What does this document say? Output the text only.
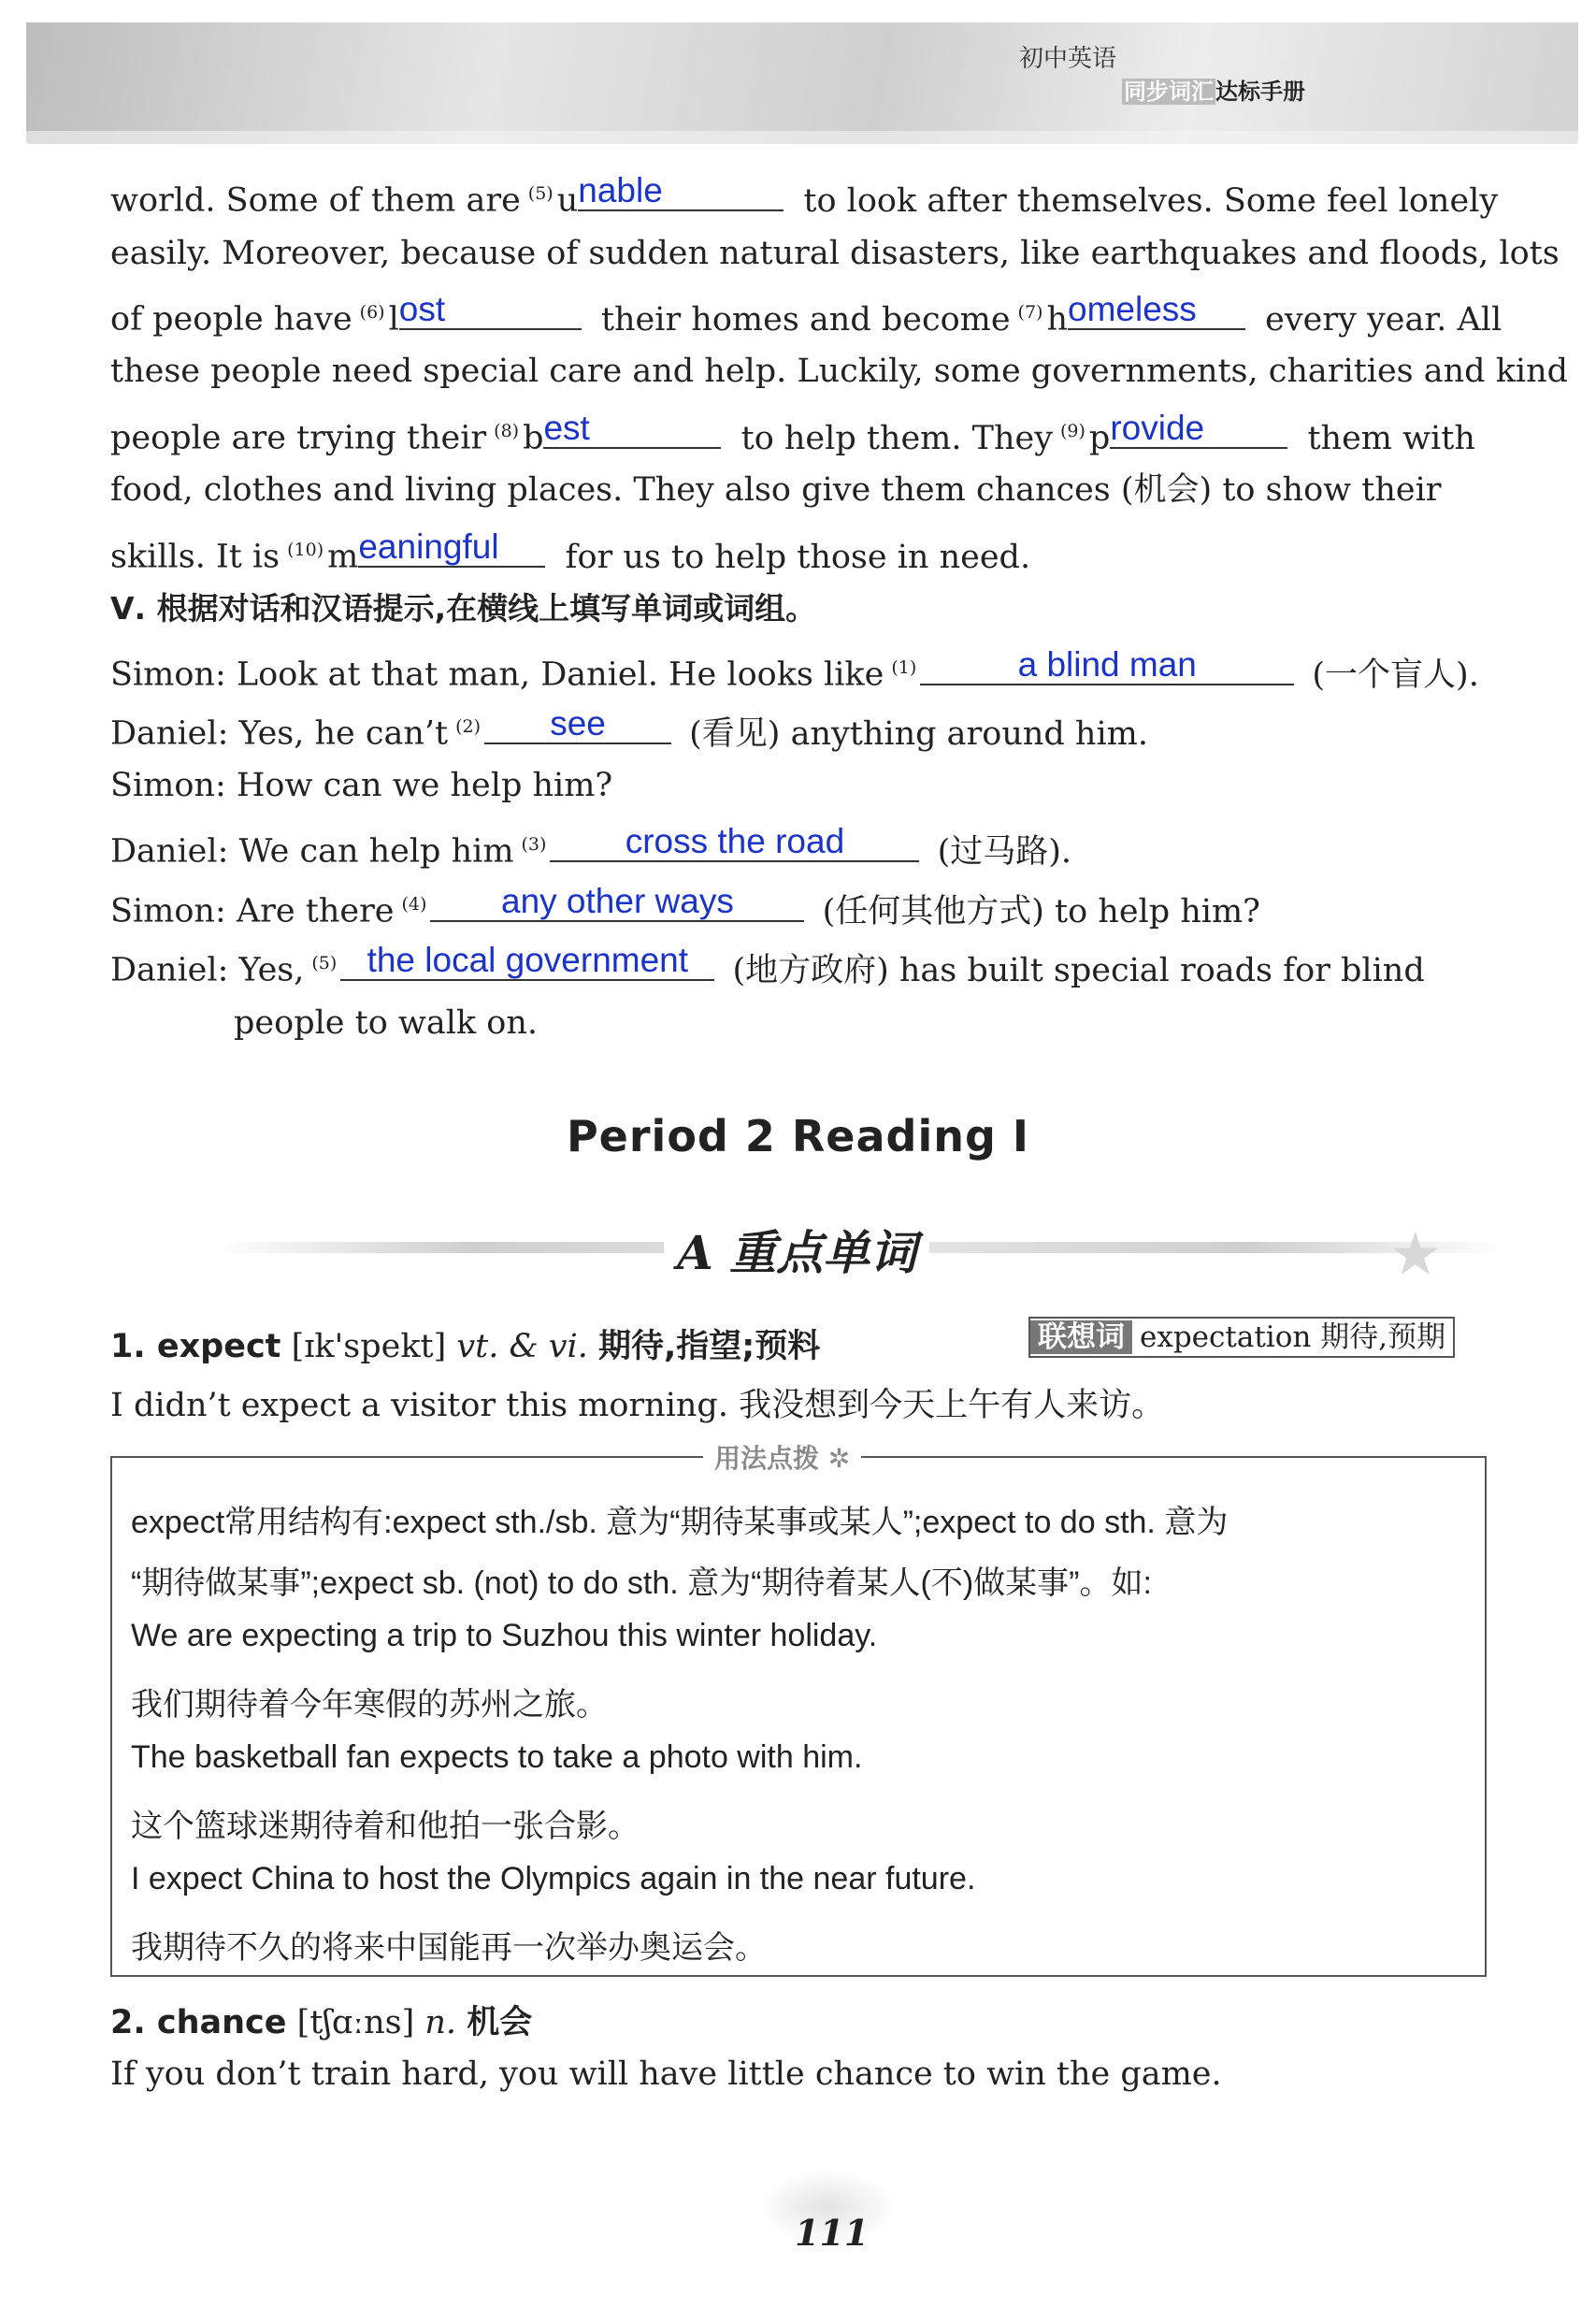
初中英语
同步词汇达标手册
world. Some of them are $^{(5)}$ u nable	to look after themselves. Some feel lonely
easily. Moreover, because of sudden natural disasters, like earthquakes and floods, lots
of people have $^{(6)}$ l ost	their homes and become $^{(7)}$ h omeless	every year. All
these people need special care and help. Luckily, some governments, charities and kind
people are trying their $^{(8)}$ b est	to help them. They $^{(9)}$ p rovide	them with
food, clothes and living places. They also give them chances (机会) to show their
skills. It is $^{(10)}$ m eaningful	for us to help those in need.
Ⅴ. 根据对话和汉语提示,在横线上填写单词或词组。
Simon: Look at that man, Daniel. He looks like $^{(1)}$	a blind man	(一个盲人).
Daniel: Yes, he can’t $^{(2)}$	see	(看见) anything around him.
Simon: How can we help him?
Daniel: We can help him $^{(3)}$	cross the road	(过马路).
Simon: Are there $^{(4)}$	any other ways	(任何其他方式) to help him?
Daniel: Yes, $^{(5)}$ the local government	(地方政府) has built special roads for blind
people to walk on.
Period 2 Reading I
A 重点单词	★
1. expect [ɪk'spekt] vt. & vi. 期待,指望;预料	联想词 expectation 期待,预期
I didn’t expect a visitor this morning. 我没想到今天上午有人来访。
用法点拨 ✲
expect常用结构有:expect sth./sb. 意为“期待某事或某人”;expect to do sth. 意为
“期待做某事”;expect sb. (not) to do sth. 意为“期待着某人(不)做某事”。如:
We are expecting a trip to Suzhou this winter holiday.
我们期待着今年寒假的苏州之旅。
The basketball fan expects to take a photo with him.
这个篮球迷期待着和他拍一张合影。
I expect China to host the Olympics again in the near future.
我期待不久的将来中国能再一次举办奥运会。
2. chance [tʃɑːns] n. 机会
If you don’t train hard, you will have little chance to win the game.
111
